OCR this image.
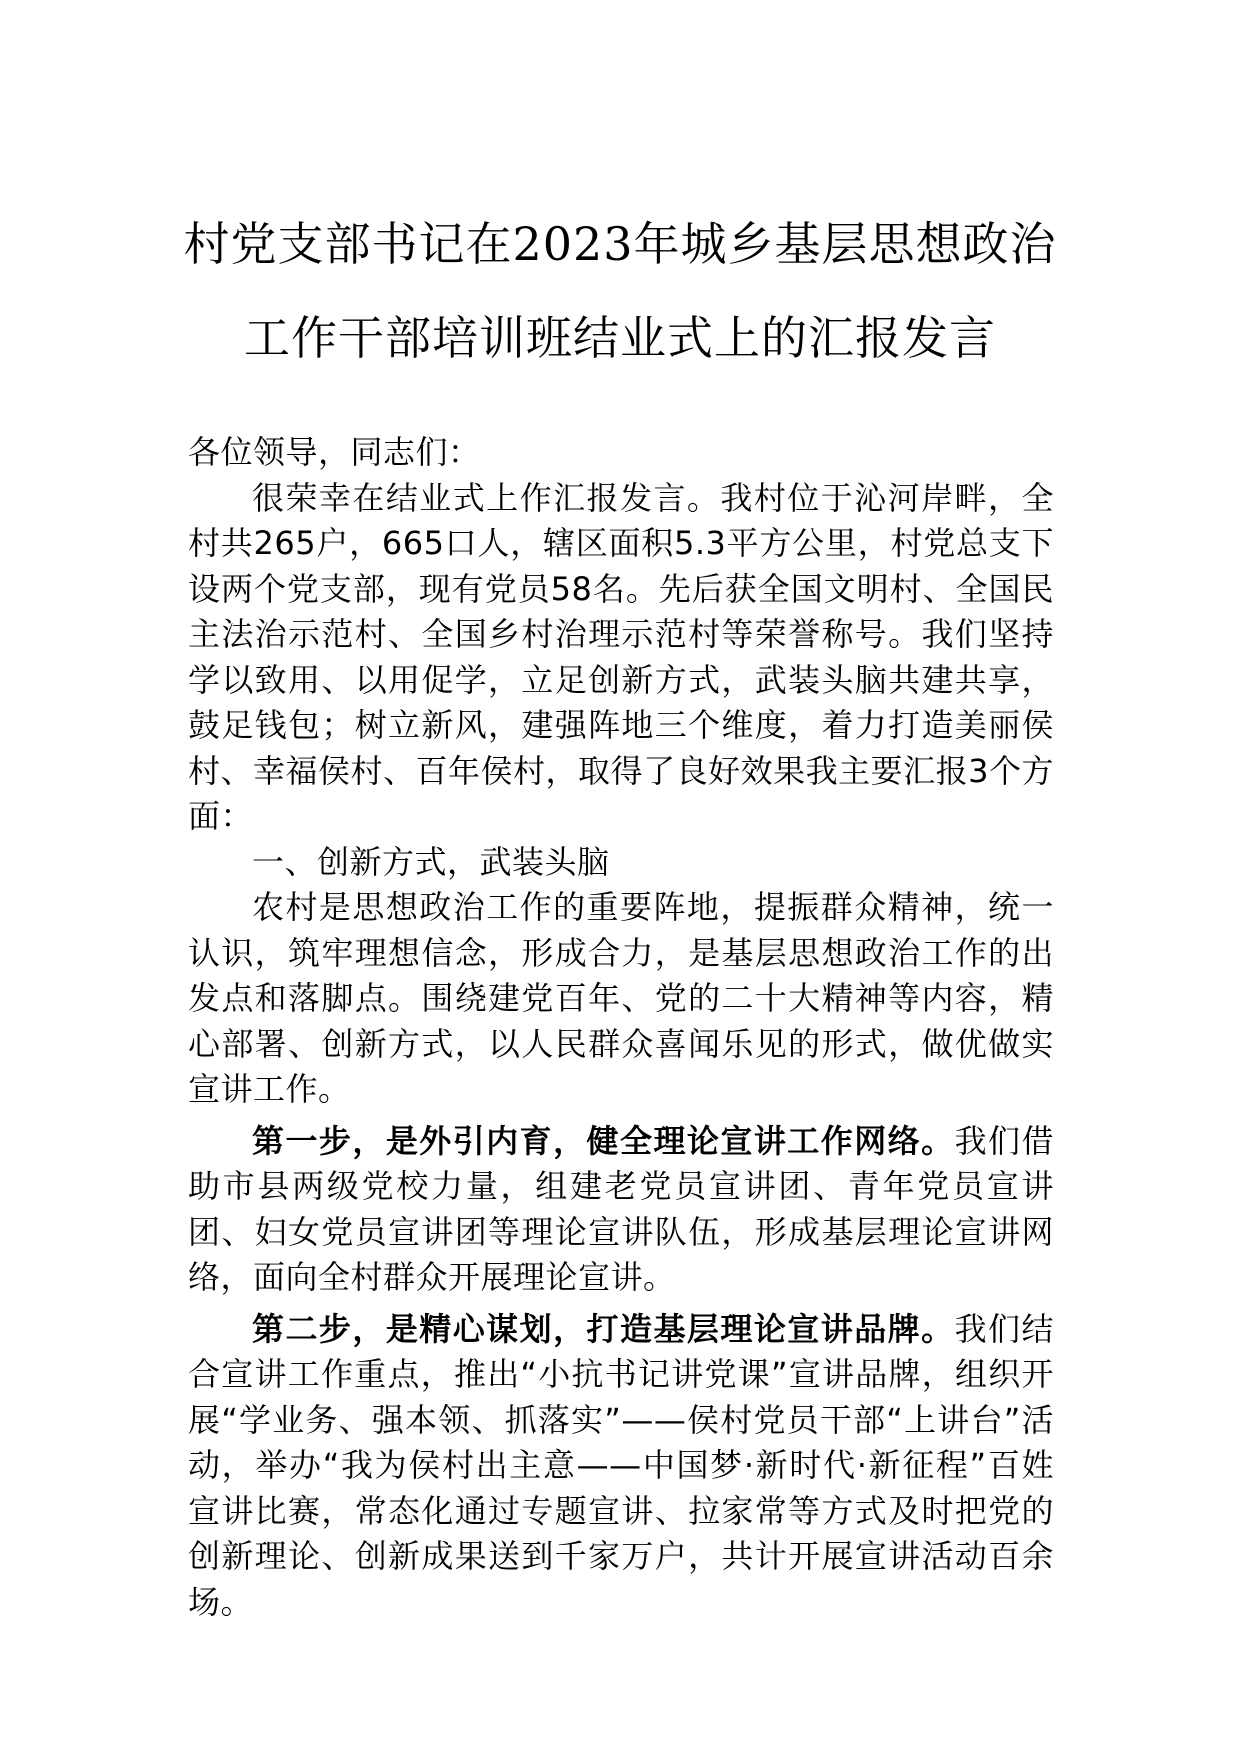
村党支部书记在2023年城乡基层思想政治
工作干部培训班结业式上的汇报发言

各位领导，同志们：

很荣幸在结业式上作汇报发言。我村位于沁河岸畔，全村共265户，665口人，辖区面积5.3平方公里，村党总支下设两个党支部，现有党员58名。先后获全国文明村、全国民主法治示范村、全国乡村治理示范村等荣誉称号。我们坚持学以致用、以用促学，立足创新方式，武装头脑共建共享，鼓足钱包；树立新风，建强阵地三个维度，着力打造美丽侯村、幸福侯村、百年侯村，取得了良好效果我主要汇报3个方面：

一、创新方式，武装头脑

农村是思想政治工作的重要阵地，提振群众精神，统一认识，筑牢理想信念，形成合力，是基层思想政治工作的出发点和落脚点。围绕建党百年、党的二十大精神等内容，精心部署、创新方式，以人民群众喜闻乐见的形式，做优做实宣讲工作。

第一步，是外引内育，健全理论宣讲工作网络。我们借助市县两级党校力量，组建老党员宣讲团、青年党员宣讲团、妇女党员宣讲团等理论宣讲队伍，形成基层理论宣讲网络，面向全村群众开展理论宣讲。

第二步，是精心谋划，打造基层理论宣讲品牌。我们结合宣讲工作重点，推出“小抗书记讲党课”宣讲品牌，组织开展“学业务、强本领、抓落实”——侯村党员干部“上讲台”活动，举办“我为侯村出主意——中国梦·新时代·新征程”百姓宣讲比赛，常态化通过专题宣讲、拉家常等方式及时把党的创新理论、创新成果送到千家万户，共计开展宣讲活动百余场。
